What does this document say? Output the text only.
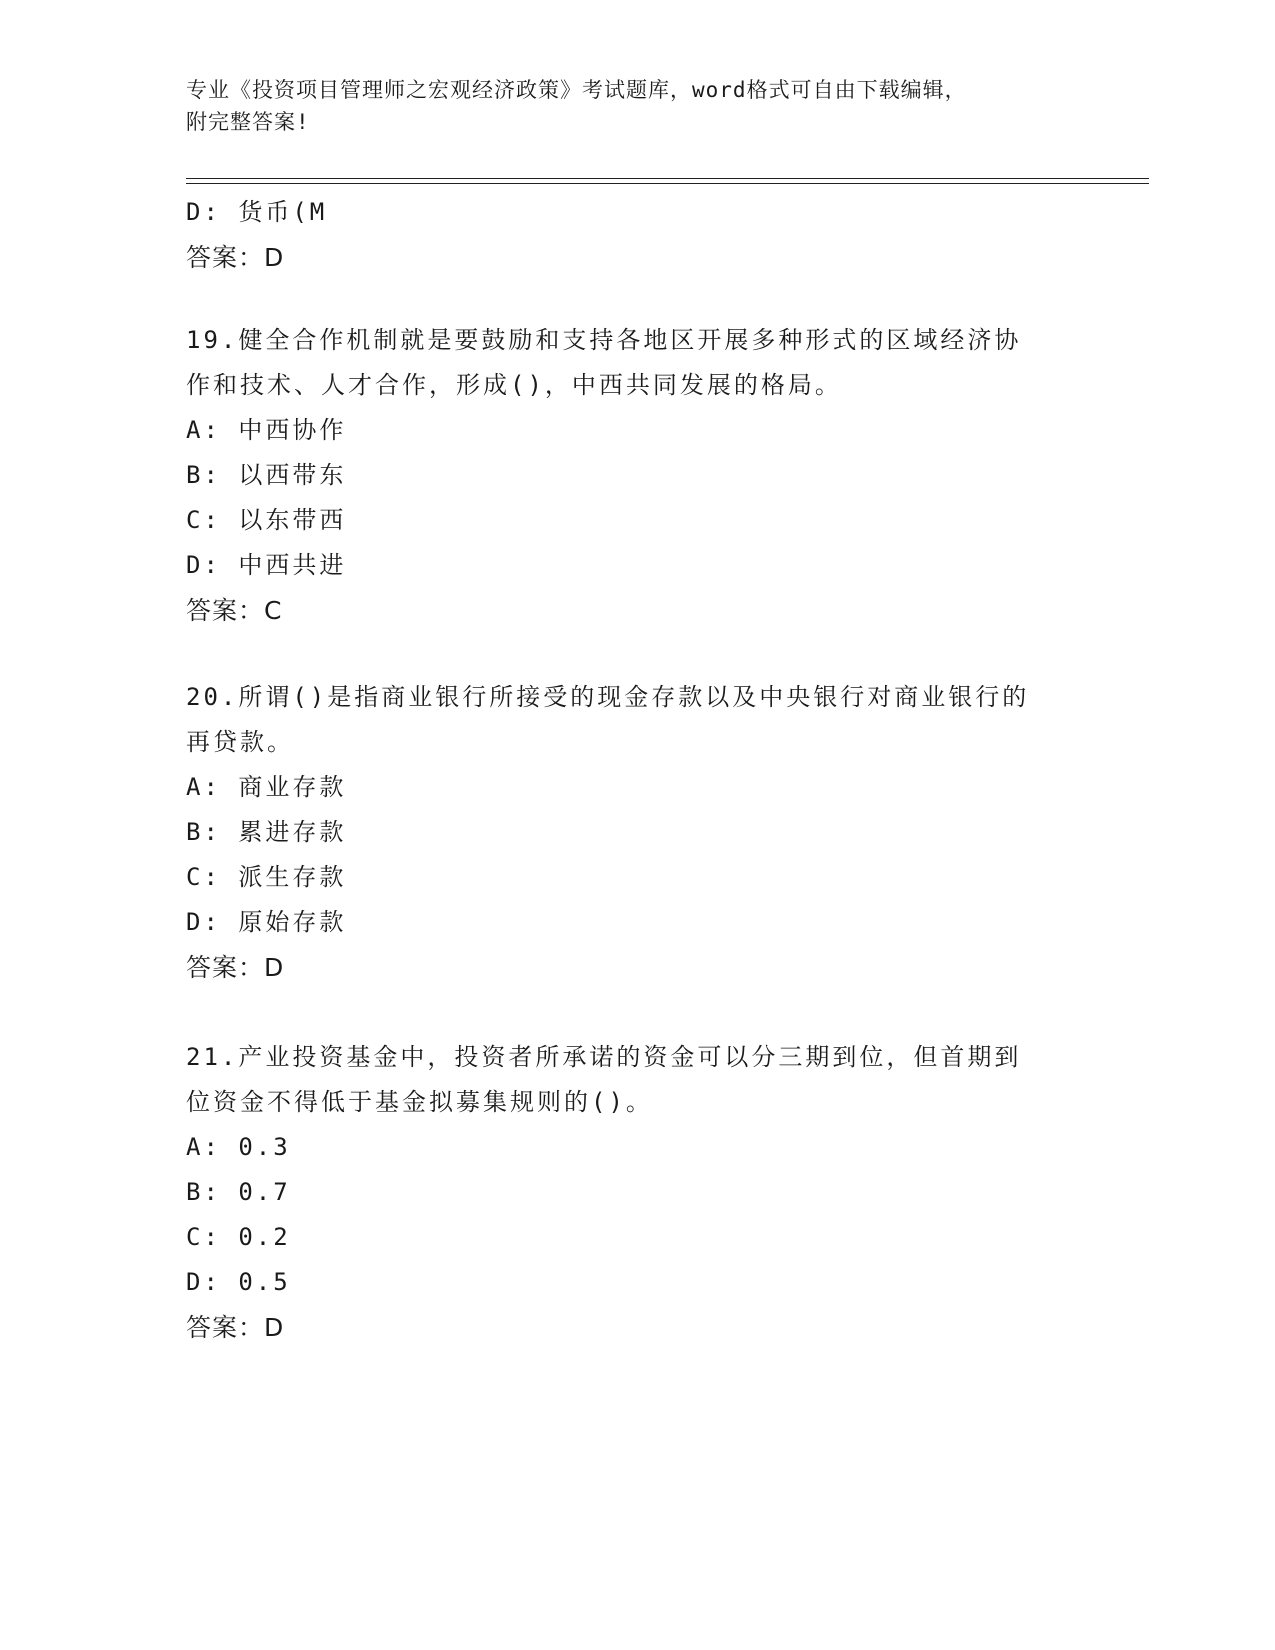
专业《投资项目管理师之宏观经济政策》考试题库，word格式可自由下载编辑，
附完整答案!
D: 货币(M
答案：D
19.健全合作机制就是要鼓励和支持各地区开展多种形式的区域经济协
作和技术、人才合作，形成()，中西共同发展的格局。
A: 中西协作
B: 以西带东
C: 以东带西
D: 中西共进
答案：C
20.所谓()是指商业银行所接受的现金存款以及中央银行对商业银行的
再贷款。
A: 商业存款
B: 累进存款
C: 派生存款
D: 原始存款
答案：D
21.产业投资基金中，投资者所承诺的资金可以分三期到位，但首期到
位资金不得低于基金拟募集规则的()。
A: 0.3
B: 0.7
C: 0.2
D: 0.5
答案：D
